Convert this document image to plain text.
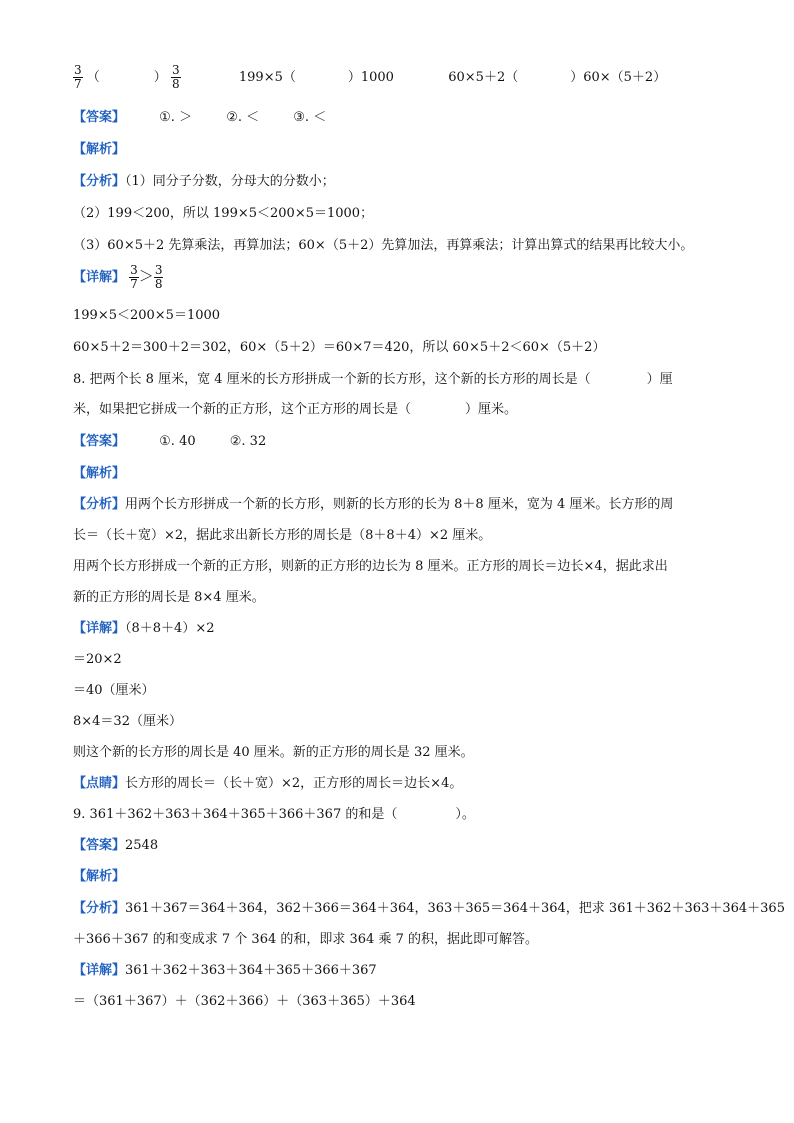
$\frac{3}{7}$ （	） $\frac{3}{8}$	199×5（	）1000	60×5＋2（	）60×（5＋2）
【答案】	①. ＞	②. ＜	③. ＜
【解析】
【分析】（1）同分子分数，分母大的分数小；
（2）199＜200，所以 199×5＜200×5＝1000；
（3）60×5＋2 先算乘法，再算加法；60×（5＋2）先算加法，再算乘法；计算出算式的结果再比较大小。
【详解】 $\frac{3}{7} > \frac{3}{8}$
199×5＜200×5＝1000
60×5＋2＝300＋2＝302，60×（5＋2）＝60×7＝420，所以 60×5＋2＜60×（5＋2）
8. 把两个长 8 厘米，宽 4 厘米的长方形拼成一个新的长方形，这个新的长方形的周长是（	）厘
米，如果把它拼成一个新的正方形，这个正方形的周长是（	）厘米。
【答案】	①. 40	②. 32
【解析】
【分析】用两个长方形拼成一个新的长方形，则新的长方形的长为 8＋8 厘米，宽为 4 厘米。长方形的周
长＝（长＋宽）×2，据此求出新长方形的周长是（8＋8＋4）×2 厘米。
用两个长方形拼成一个新的正方形，则新的正方形的边长为 8 厘米。正方形的周长＝边长×4，据此求出
新的正方形的周长是 8×4 厘米。
【详解】（8＋8＋4）×2
＝20×2
＝40（厘米）
8×4＝32（厘米）
则这个新的长方形的周长是 40 厘米。新的正方形的周长是 32 厘米。
【点睛】长方形的周长＝（长＋宽）×2，正方形的周长＝边长×4。
9. 361＋362＋363＋364＋365＋366＋367 的和是（	）。
【答案】2548
【解析】
【分析】361＋367＝364＋364，362＋366＝364＋364，363＋365＝364＋364，把求 361＋362＋363＋364＋365
＋366＋367 的和变成求 7 个 364 的和，即求 364 乘 7 的积，据此即可解答。
【详解】361＋362＋363＋364＋365＋366＋367
＝（361＋367）＋（362＋366）＋（363＋365）＋364
